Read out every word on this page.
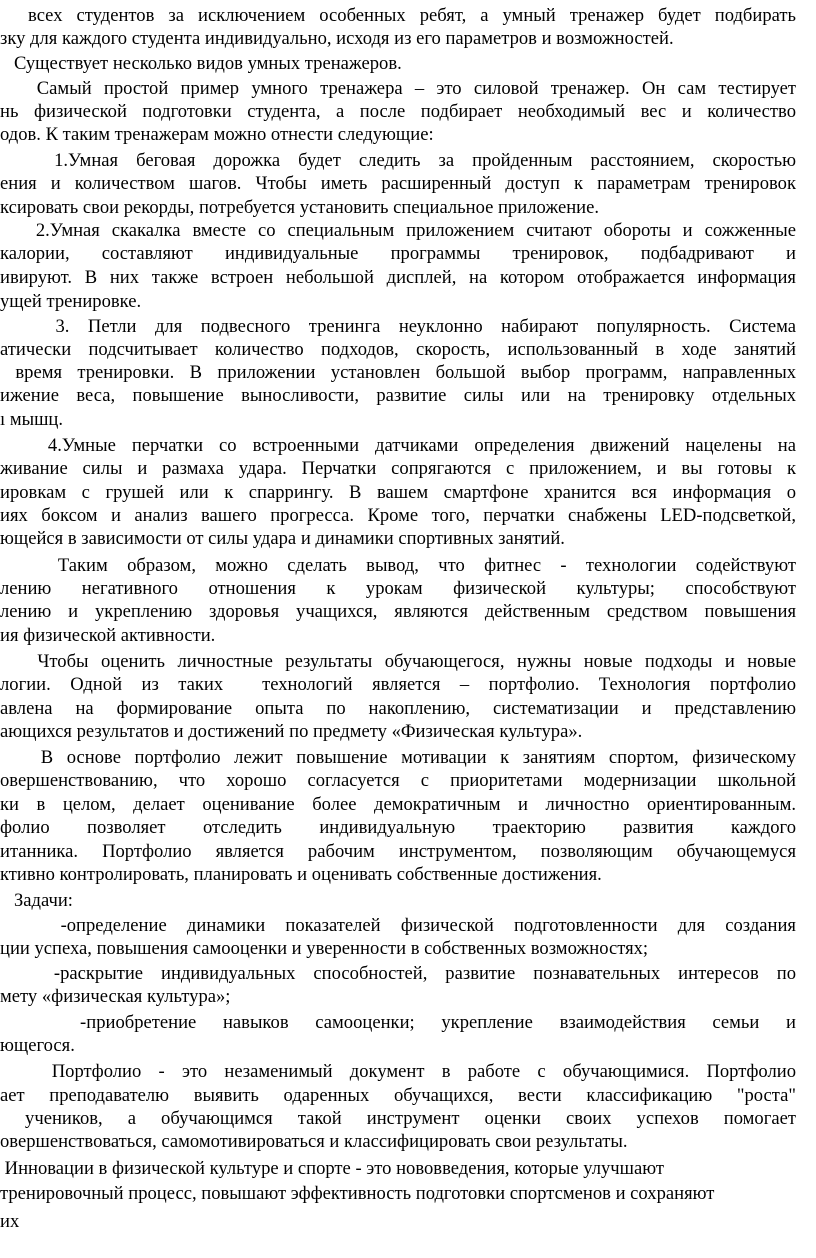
всех студентов за исключением особенных ребят, а умный тренажер будет подбирать
зку для каждого студента индивидуально, исходя из его параметров и возможностей.
Существует несколько видов умных тренажеров.
Самый простой пример умного тренажера – это силовой тренажер. Он сам тестирует
нь физической подготовки студента, а после подбирает необходимый вес и количество
одов. К таким тренажерам можно отнести следующие:
1.Умная беговая дорожка будет следить за пройденным расстоянием, скоростью
ения и количеством шагов. Чтобы иметь расширенный доступ к параметрам тренировок
ксировать свои рекорды, потребуется установить специальное приложение.
2.Умная скакалка вместе со специальным приложением считают обороты и сожженные
калории, составляют индивидуальные программы тренировок, подбадривают и
ивируют. В них также встроен небольшой дисплей, на котором отображается информация
ущей тренировке.
3. Петли для подвесного тренинга неуклонно набирают популярность. Система
атически подсчитывает количество подходов, скорость, использованный в ходе занятий
время тренировки. В приложении установлен большой выбор программ, направленных
ижение веса, повышение выносливости, развитие силы или на тренировку отдельных
ı мышц.
4.Умные перчатки со встроенными датчиками определения движений нацелены на
живание силы и размаха удара. Перчатки сопрягаются с приложением, и вы готовы к
ировкам с грушей или к спаррингу. В вашем смартфоне хранится вся информация о
иях боксом и анализ вашего прогресса. Кроме того, перчатки снабжены LED-подсветкой,
ющейся в зависимости от силы удара и динамики спортивных занятий.
Таким образом, можно сделать вывод, что фитнес - технологии содействуют
лению негативного отношения к урокам физической культуры; способствуют
лению и укреплению здоровья учащихся, являются действенным средством повышения
ия физической активности.
Чтобы оценить личностные результаты обучающегося, нужны новые подходы и новые
логии. Одной из таких  технологий является – портфолио. Технология портфолио
авлена на формирование опыта по накоплению, систематизации и представлению
ающихся результатов и достижений по предмету «Физическая культура».
В основе портфолио лежит повышение мотивации к занятиям спортом, физическому
овершенствованию, что хорошо согласуется с приоритетами модернизации школьной
ки в целом, делает оценивание более демократичным и личностно ориентированным.
фолио позволяет отследить индивидуальную траекторию развития каждого
итанника. Портфолио является рабочим инструментом, позволяющим обучающемуся
ктивно контролировать, планировать и оценивать собственные достижения.
Задачи:
-определение динамики показателей физической подготовленности для создания
ции успеха, повышения самооценки и уверенности в собственных возможностях;
-раскрытие индивидуальных способностей, развитие познавательных интересов по
мету «физическая культура»;
-приобретение навыков самооценки; укрепление взаимодействия семьи и
ющегося.
Портфолио - это незаменимый документ в работе с обучающимися. Портфолио
ает преподавателю выявить одаренных обучащихся, вести классификацию "роста"
учеников, а обучающимся такой инструмент оценки своих успехов помогает
овершенствоваться, самомотивироваться и классифицировать свои результаты.
Инновации в физической культуре и спорте - это нововведения, которые улучшают
тренировочный процесс, повышают эффективность подготовки спортсменов и сохраняют
их
